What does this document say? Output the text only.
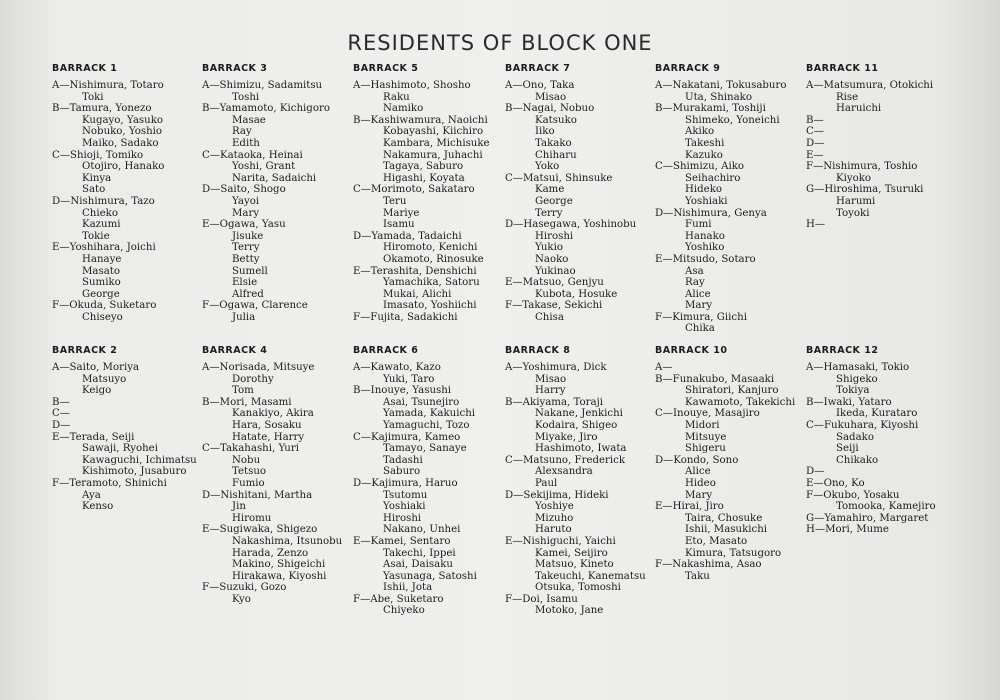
RESIDENTS OF BLOCK ONE
BARRACK 1
A—Nishimura, Totaro
Toki
B—Tamura, Yonezo
Kugayo, Yasuko
Nobuko, Yoshio
Maiko, Sadako
C—Shioji, Tomiko
Otojiro, Hanako
Kinya
Sato
D—Nishimura, Tazo
Chieko
Kazumi
Tokie
E—Yoshihara, Joichi
Hanaye
Masato
Sumiko
George
F—Okuda, Suketaro
Chiseyo
BARRACK 3
A—Shimizu, Sadamitsu
Toshi
B—Yamamoto, Kichigoro
Masae
Ray
Edith
C—Kataoka, Heinai
Yoshi, Grant
Narita, Sadaichi
D—Saito, Shogo
Yayoi
Mary
E—Ogawa, Yasu
Jisuke
Terry
Betty
Sumell
Elsie
Alfred
F—Ogawa, Clarence
Julia
BARRACK 5
A—Hashimoto, Shosho
Raku
Namiko
B—Kashiwamura, Naoichi
Kobayashi, Kiichiro
Kambara, Michisuke
Nakamura, Juhachi
Tagaya, Saburo
Higashi, Koyata
C—Morimoto, Sakataro
Teru
Mariye
Isamu
D—Yamada, Tadaichi
Hiromoto, Kenichi
Okamoto, Rinosuke
E—Terashita, Denshichi
Yamachika, Satoru
Mukai, Alichi
Imasato, Yoshiichi
F—Fujita, Sadakichi
BARRACK 7
A—Ono, Taka
Misao
B—Nagai, Nobuo
Katsuko
Iiko
Takako
Chiharu
Yoko
C—Matsui, Shinsuke
Kame
George
Terry
D—Hasegawa, Yoshinobu
Hiroshi
Yukio
Naoko
Yukinao
E—Matsuo, Genjyu
Kubota, Hosuke
F—Takase, Sekichi
Chisa
BARRACK 9
A—Nakatani, Tokusaburo
Uta, Shinako
B—Murakami, Toshiji
Shimeko, Yoneichi
Akiko
Takeshi
Kazuko
C—Shimizu, Aiko
Seihachiro
Hideko
Yoshiaki
D—Nishimura, Genya
Fumi
Hanako
Yoshiko
E—Mitsudo, Sotaro
Asa
Ray
Alice
Mary
F—Kimura, Giichi
Chika
BARRACK 11
A—Matsumura, Otokichi
Rise
Haruichi
B—
C—
D—
E—
F—Nishimura, Toshio
Kiyoko
G—Hiroshima, Tsuruki
Harumi
Toyoki
H—
BARRACK 2
A—Saito, Moriya
Matsuyo
Keigo
B—
C—
D—
E—Terada, Seiji
Sawaji, Ryohei
Kawaguchi, Ichimatsu
Kishimoto, Jusaburo
F—Teramoto, Shinichi
Aya
Kenso
BARRACK 4
A—Norisada, Mitsuye
Dorothy
Tom
B—Mori, Masami
Kanakiyo, Akira
Hara, Sosaku
Hatate, Harry
C—Takahashi, Yuri
Nobu
Tetsuo
Fumio
D—Nishitani, Martha
Jin
Hiromu
E—Sugiwaka, Shigezo
Nakashima, Itsunobu
Harada, Zenzo
Makino, Shigeichi
Hirakawa, Kiyoshi
F—Suzuki, Gozo
Kyo
BARRACK 6
A—Kawato, Kazo
Yuki, Taro
B—Inouye, Yasushi
Asai, Tsunejiro
Yamada, Kakuichi
Yamaguchi, Tozo
C—Kajimura, Kameo
Tamayo, Sanaye
Tadashi
Saburo
D—Kajimura, Haruo
Tsutomu
Yoshiaki
Hiroshi
Nakano, Unhei
E—Kamei, Sentaro
Takechi, Ippei
Asai, Daisaku
Yasunaga, Satoshi
Ishii, Jota
F—Abe, Suketaro
Chiyeko
BARRACK 8
A—Yoshimura, Dick
Misao
Harry
B—Akiyama, Toraji
Nakane, Jenkichi
Kodaira, Shigeo
Miyake, Jiro
Hashimoto, Iwata
C—Matsuno, Frederick
Alexsandra
Paul
D—Sekijima, Hideki
Yoshiye
Mizuho
Haruto
E—Nishiguchi, Yaichi
Kamei, Seijiro
Matsuo, Kineto
Takeuchi, Kanematsu
Otsuka, Tomoshi
F—Doi, Isamu
Motoko, Jane
BARRACK 10
A—
B—Funakubo, Masaaki
Shiratori, Kanjuro
Kawamoto, Takekichi
C—Inouye, Masajiro
Midori
Mitsuye
Shigeru
D—Kondo, Sono
Alice
Hideo
Mary
E—Hirai, Jiro
Taira, Chosuke
Ishii, Masukichi
Eto, Masato
Kimura, Tatsugoro
F—Nakashima, Asao
Taku
BARRACK 12
A—Hamasaki, Tokio
Shigeko
Tokiya
B—Iwaki, Yataro
Ikeda, Kurataro
C—Fukuhara, Kiyoshi
Sadako
Seiji
Chikako
D—
E—Ono, Ko
F—Okubo, Yosaku
Tomooka, Kamejiro
G—Yamahiro, Margaret
H—Mori, Mume
